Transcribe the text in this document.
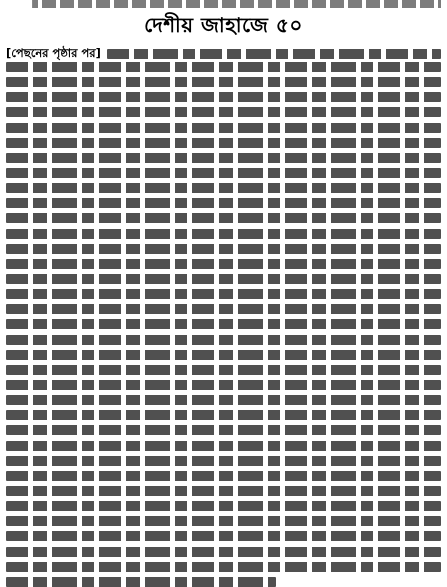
দেশীয় জাহাজে ৫০
[পেছনের পৃষ্ঠার পর]
